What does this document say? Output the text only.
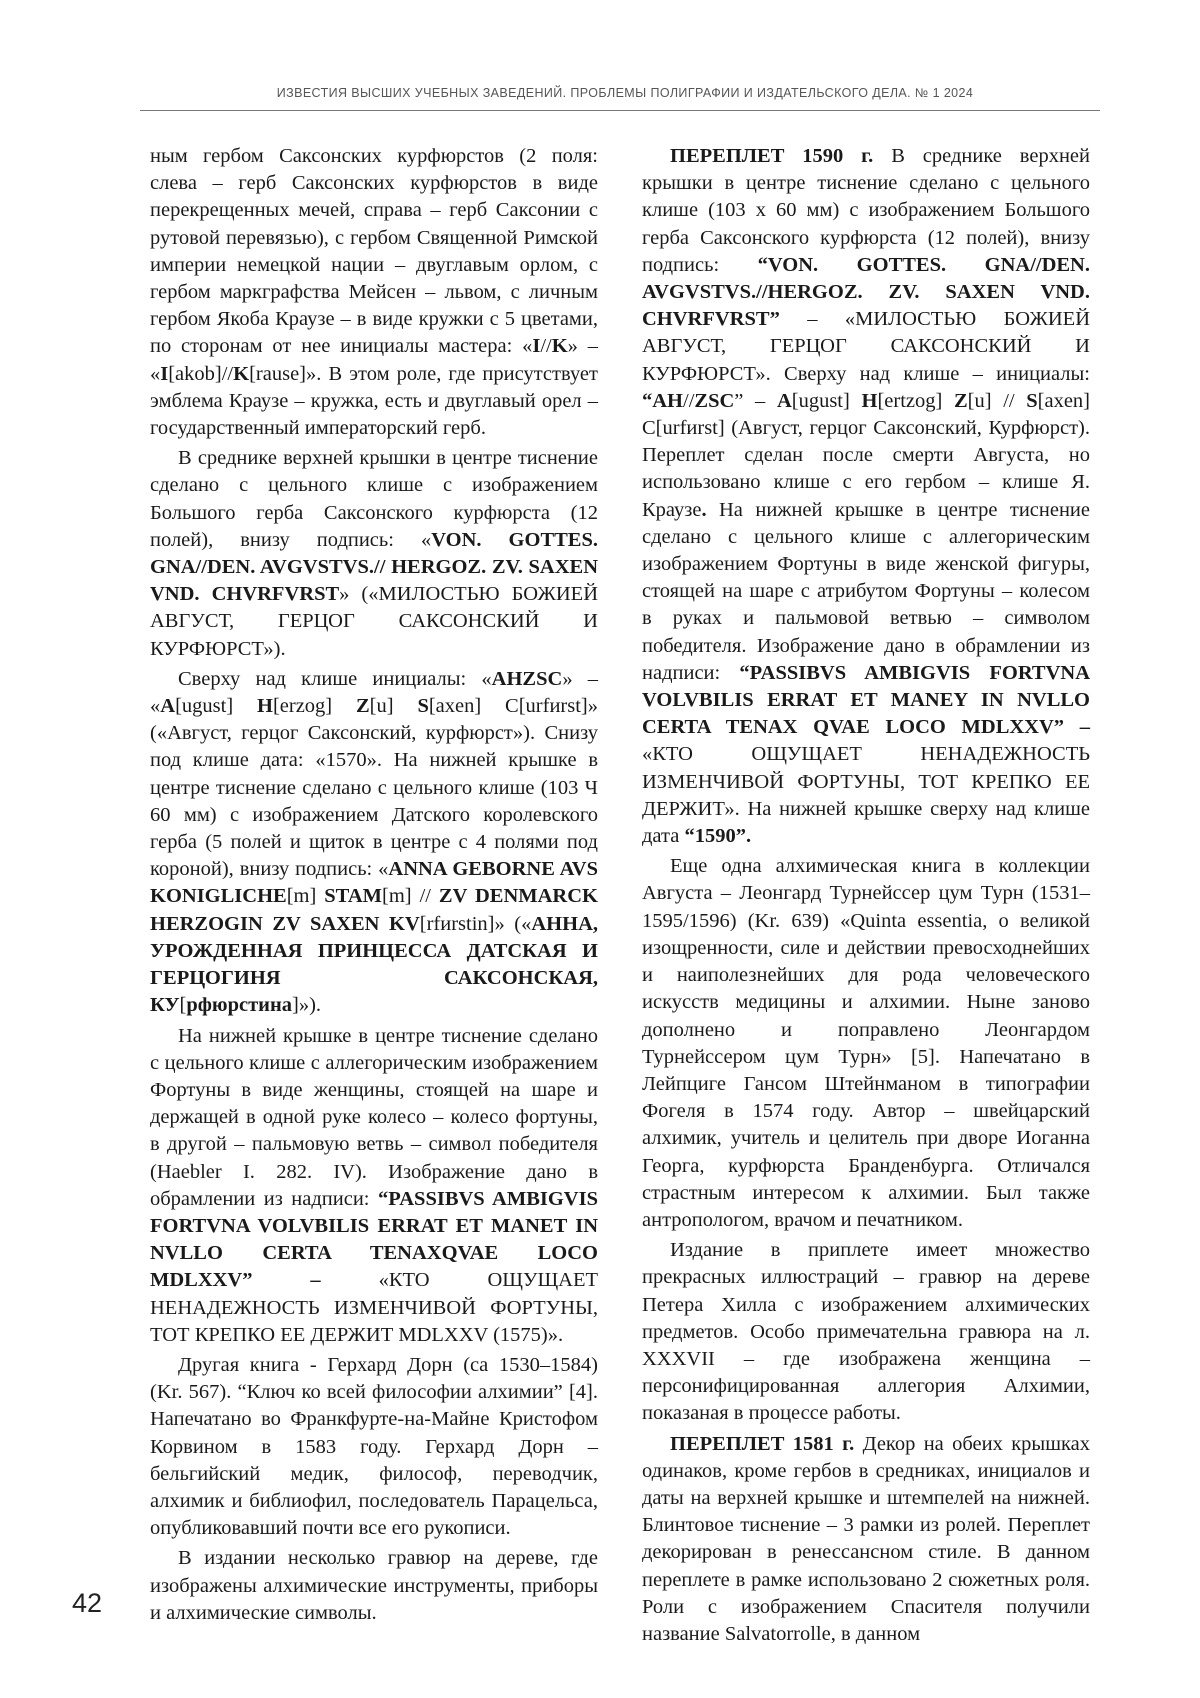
ИЗВЕСТИЯ ВЫСШИХ УЧЕБНЫХ ЗАВЕДЕНИЙ. ПРОБЛЕМЫ ПОЛИГРАФИИ И ИЗДАТЕЛЬСКОГО ДЕЛА. № 1 2024

ным гербом Саксонских курфюрстов (2 поля: слева – герб Саксонских курфюрстов в виде перекрещенных мечей, справа – герб Саксонии с рутовой перевязью), с гербом Священной Римской империи немецкой нации – двуглавым орлом, с гербом маркграфства Мейсен – львом, с личным гербом Якоба Краузе – в виде кружки с 5 цветами, по сторонам от нее инициалы мастера: «I//K» – «I[akob]//K[rause]». В этом роле, где присутствует эмблема Краузе – кружка, есть и двуглавый орел – государственный императорский герб.

В среднике верхней крышки в центре тиснение сделано с цельного клише с изображением Большого герба Саксонского курфюрста (12 полей), внизу подпись: «VON. GOTTES. GNA//DEN. AVGVSTVS.// HERGOZ. ZV. SAXEN VND. CHVRFVRST» («МИЛОСТЬЮ БОЖИЕЙ АВГУСТ, ГЕРЦОГ САКСОНСКИЙ И КУРФЮРСТ»).

Сверху над клише инициалы: «AHZSC» – «A[ugust] H[erzog] Z[u] S[axen] C[urfиrst]» («Август, герцог Саксонский, курфюрст»). Снизу под клише дата: «1570». На нижней крышке в центре тиснение сделано с цельного клише (103 Ч 60 мм) с изображением Датского королевского герба (5 полей и щиток в центре с 4 полями под короной), внизу подпись: «ANNA GEBORNE AVS KONIGLICHE[m] STAM[m] // ZV DENMARCK HERZOGIN ZV SAXEN KV[rfиrstin]» («АННА, УРОЖДЕННАЯ ПРИНЦЕССА ДАТСКАЯ И ГЕРЦОГИНЯ САКСОНСКАЯ, КУ[рфюрстина]»).

На нижней крышке в центре тиснение сделано с цельного клише с аллегорическим изображением Фортуны в виде женщины, стоящей на шаре и держащей в одной руке колесо – колесо фортуны, в другой – пальмовую ветвь – символ победителя (Haebler I. 282. IV). Изображение дано в обрамлении из надписи: “PASSIBVS AMBIGVIS FORTVNA VOLVBILIS ERRAT ET MANET IN NVLLO CERTA TENAXQVAE LOCO MDLXXV” – «КТО ОЩУЩАЕТ НЕНАДЕЖНОСТЬ ИЗМЕНЧИВОЙ ФОРТУНЫ, ТОТ КРЕПКО ЕЕ ДЕРЖИТ MDLXXV (1575)».

Другая книга - Герхард Дорн (ca 1530–1584) (Kr. 567). “Ключ ко всей философии алхимии” [4]. Напечатано во Франкфурте-на-Майне Кристофом Корвином в 1583 году. Герхард Дорн – бельгийский медик, философ, переводчик, алхимик и библиофил, последователь Парацельса, опубликовавший почти все его рукописи.

В издании несколько гравюр на дереве, где изображены алхимические инструменты, приборы и алхимические символы.

ПЕРЕПЛЕТ 1590 г. В среднике верхней крышки в центре тиснение сделано с цельного клише (103 х 60 мм) с изображением Большого герба Саксонского курфюрста (12 полей), внизу подпись: “VON. GOTTES. GNA//DEN. AVGVSTVS.//HERGOZ. ZV. SAXEN VND. CHVRFVRST” – «МИЛОСТЬЮ БОЖИЕЙ АВГУСТ, ГЕРЦОГ САКСОНСКИЙ И КУРФЮРСТ». Сверху над клише – инициалы: “AH//ZSC” – A[ugust] H[ertzog] Z[u] // S[axen] C[urfиrst] (Август, герцог Саксонский, Курфюрст). Переплет сделан после смерти Августа, но использовано клише с его гербом – клише Я. Краузе. На нижней крышке в центре тиснение сделано с цельного клише с аллегорическим изображением Фортуны в виде женской фигуры, стоящей на шаре с атрибутом Фортуны – колесом в руках и пальмовой ветвью – символом победителя. Изображение дано в обрамлении из надписи: “PASSIBVS AMBIGVIS FORTVNA VOLVBILIS ERRAT ET MANEY IN NVLLO CERTA TENAX QVAE LOCO MDLXXV” – «КТО ОЩУЩАЕТ НЕНАДЕЖНОСТЬ ИЗМЕНЧИВОЙ ФОРТУНЫ, ТОТ КРЕПКО ЕЕ ДЕРЖИТ». На нижней крышке сверху над клише дата “1590”.

Еще одна алхимическая книга в коллекции Августа – Леонгард Турнейссер цум Турн (1531–1595/1596) (Kr. 639) «Quinta essentia, о великой изощренности, силе и действии превосходнейших и наиполезнейших для рода человеческого искусств медицины и алхимии. Ныне заново дополнено и поправлено Леонгардом Турнейссером цум Турн» [5]. Напечатано в Лейпциге Гансом Штейнманом в типографии Фогеля в 1574 году. Автор – швейцарский алхимик, учитель и целитель при дворе Иоганна Георга, курфюрста Бранденбурга. Отличался страстным интересом к алхимии. Был также антропологом, врачом и печатником.

Издание в приплете имеет множество прекрасных иллюстраций – гравюр на дереве Петера Хилла с изображением алхимических предметов. Особо примечательна гравюра на л. XXXVII – где изображена женщина – персонифицированная аллегория Алхимии, показаная в процессе работы.

ПЕРЕПЛЕТ 1581 г. Декор на обеих крышках одинаков, кроме гербов в средниках, инициалов и даты на верхней крышке и штемпелей на нижней. Блинтовое тиснение – 3 рамки из ролей. Переплет декорирован в ренессансном стиле. В данном переплете в рамке использовано 2 сюжетных роля. Роли с изображением Спасителя получили название Salvatorrolle, в данном

42
